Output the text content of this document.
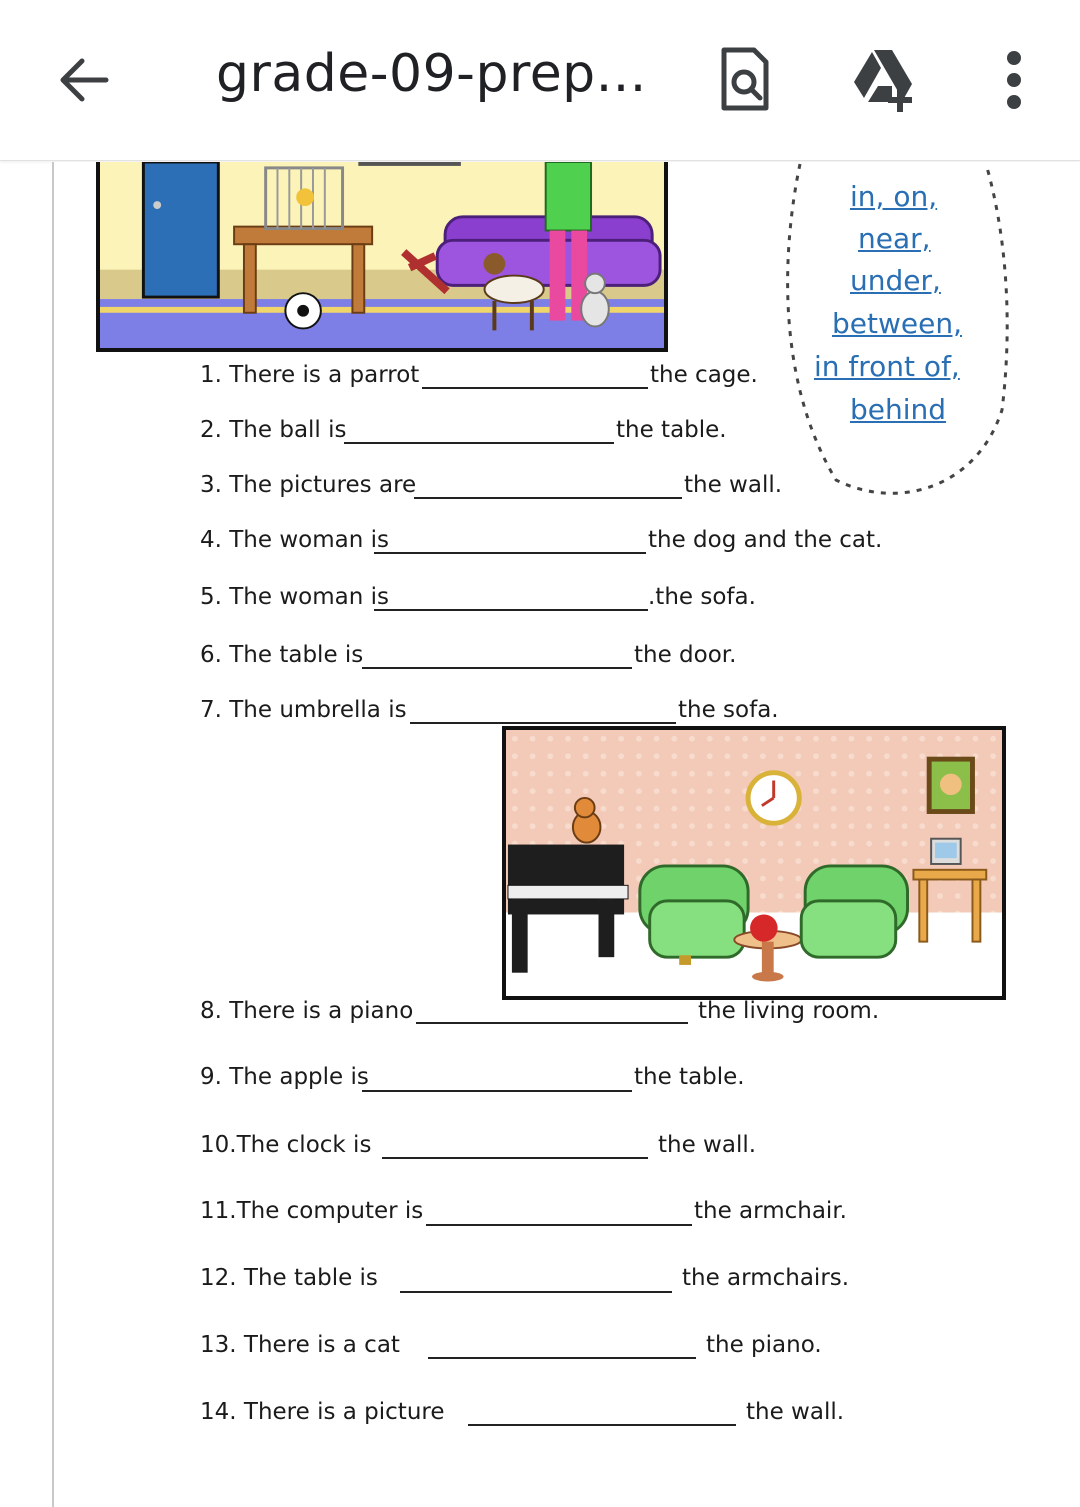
grade-09-prep...
in, on,
near,
under,
between,
in front of,
behind
1. There is a parrot	the cage.
2. The ball is	the table.
3. The pictures are	the wall.
4. The woman is	the dog and the cat.
5. The woman is	.the sofa.
6. The table is	the door.
7. The umbrella is	the sofa.
8. There is a piano	the living room.
9. The apple is	the table.
10.The clock is	the wall.
11.The computer is	the armchair.
12. The table is	the armchairs.
13. There is a cat	the piano.
14. There is a picture	the wall.
